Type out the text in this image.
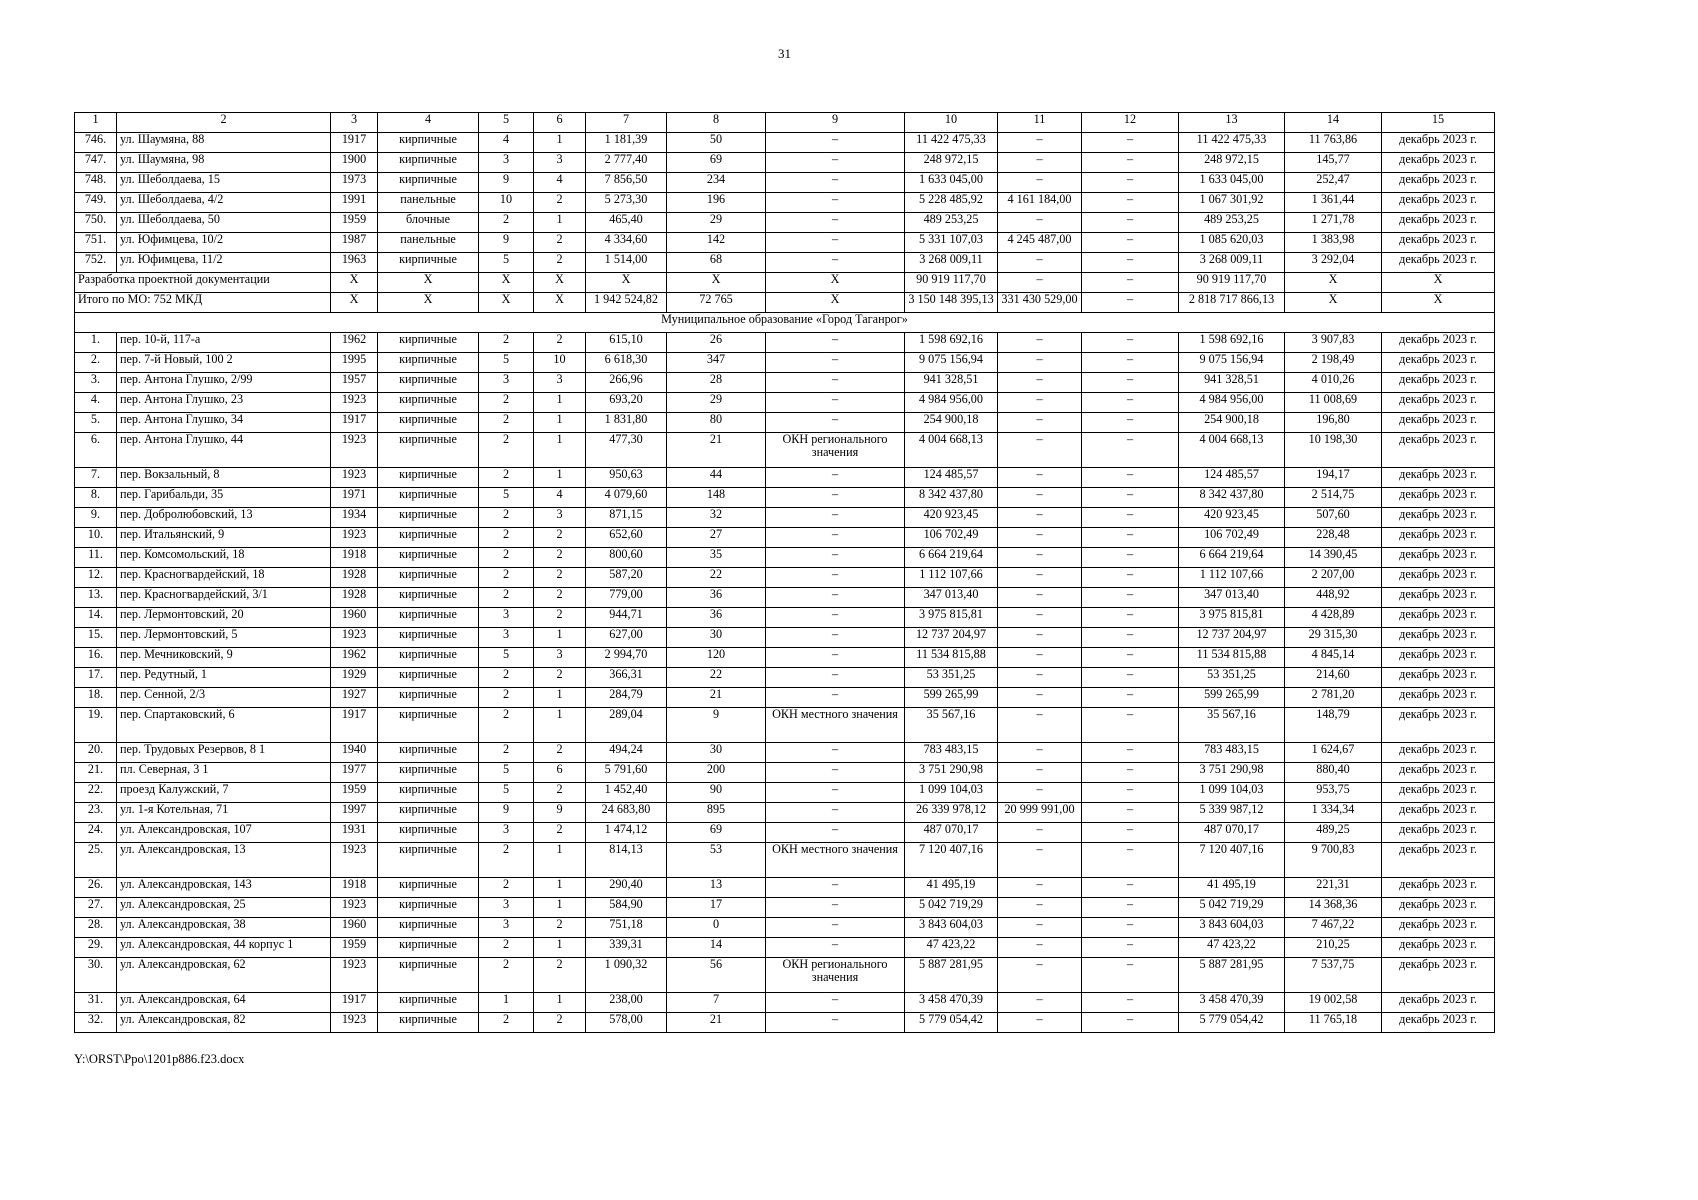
31
1	2	3	4	5	6	7	8	9	10	11	12	13	14	15
746.	ул. Шаумяна, 88	1917	кирпичные	4	1	1 181,39	50	–	11 422 475,33	–	–	11 422 475,33	11 763,86	декабрь 2023 г.
747.	ул. Шаумяна, 98	1900	кирпичные	3	3	2 777,40	69	–	248 972,15	–	–	248 972,15	145,77	декабрь 2023 г.
748.	ул. Шеболдаева, 15	1973	кирпичные	9	4	7 856,50	234	–	1 633 045,00	–	–	1 633 045,00	252,47	декабрь 2023 г.
749.	ул. Шеболдаева, 4/2	1991	панельные	10	2	5 273,30	196	–	5 228 485,92	4 161 184,00	–	1 067 301,92	1 361,44	декабрь 2023 г.
750.	ул. Шеболдаева, 50	1959	блочные	2	1	465,40	29	–	489 253,25	–	–	489 253,25	1 271,78	декабрь 2023 г.
751.	ул. Юфимцева, 10/2	1987	панельные	9	2	4 334,60	142	–	5 331 107,03	4 245 487,00	–	1 085 620,03	1 383,98	декабрь 2023 г.
752.	ул. Юфимцева, 11/2	1963	кирпичные	5	2	1 514,00	68	–	3 268 009,11	–	–	3 268 009,11	3 292,04	декабрь 2023 г.
Разработка проектной документации		X	X	X	X	X	X	X	90 919 117,70	–	–	90 919 117,70	X	X
Итого по МО: 752 МКД		X	X	X	X	1 942 524,82	72 765	X	3 150 148 395,13	331 430 529,00	–	2 818 717 866,13	X	X
Муниципальное образование «Город Таганрог»														
1.	пер. 10-й, 117-а	1962	кирпичные	2	2	615,10	26	–	1 598 692,16	–	–	1 598 692,16	3 907,83	декабрь 2023 г.
2.	пер. 7-й Новый, 100 2	1995	кирпичные	5	10	6 618,30	347	–	9 075 156,94	–	–	9 075 156,94	2 198,49	декабрь 2023 г.
3.	пер. Антона Глушко, 2/99	1957	кирпичные	3	3	266,96	28	–	941 328,51	–	–	941 328,51	4 010,26	декабрь 2023 г.
4.	пер. Антона Глушко, 23	1923	кирпичные	2	1	693,20	29	–	4 984 956,00	–	–	4 984 956,00	11 008,69	декабрь 2023 г.
5.	пер. Антона Глушко, 34	1917	кирпичные	2	1	1 831,80	80	–	254 900,18	–	–	254 900,18	196,80	декабрь 2023 г.
6.	пер. Антона Глушко, 44	1923	кирпичные	2	1	477,30	21	ОКН регионального значения	4 004 668,13	–	–	4 004 668,13	10 198,30	декабрь 2023 г.
7.	пер. Вокзальный, 8	1923	кирпичные	2	1	950,63	44	–	124 485,57	–	–	124 485,57	194,17	декабрь 2023 г.
8.	пер. Гарибальди, 35	1971	кирпичные	5	4	4 079,60	148	–	8 342 437,80	–	–	8 342 437,80	2 514,75	декабрь 2023 г.
9.	пер. Добролюбовский, 13	1934	кирпичные	2	3	871,15	32	–	420 923,45	–	–	420 923,45	507,60	декабрь 2023 г.
10.	пер. Итальянский, 9	1923	кирпичные	2	2	652,60	27	–	106 702,49	–	–	106 702,49	228,48	декабрь 2023 г.
11.	пер. Комсомольский, 18	1918	кирпичные	2	2	800,60	35	–	6 664 219,64	–	–	6 664 219,64	14 390,45	декабрь 2023 г.
12.	пер. Красногвардейский, 18	1928	кирпичные	2	2	587,20	22	–	1 112 107,66	–	–	1 112 107,66	2 207,00	декабрь 2023 г.
13.	пер. Красногвардейский, 3/1	1928	кирпичные	2	2	779,00	36	–	347 013,40	–	–	347 013,40	448,92	декабрь 2023 г.
14.	пер. Лермонтовский, 20	1960	кирпичные	3	2	944,71	36	–	3 975 815,81	–	–	3 975 815,81	4 428,89	декабрь 2023 г.
15.	пер. Лермонтовский, 5	1923	кирпичные	3	1	627,00	30	–	12 737 204,97	–	–	12 737 204,97	29 315,30	декабрь 2023 г.
16.	пер. Мечниковский, 9	1962	кирпичные	5	3	2 994,70	120	–	11 534 815,88	–	–	11 534 815,88	4 845,14	декабрь 2023 г.
17.	пер. Редутный, 1	1929	кирпичные	2	2	366,31	22	–	53 351,25	–	–	53 351,25	214,60	декабрь 2023 г.
18.	пер. Сенной, 2/3	1927	кирпичные	2	1	284,79	21	–	599 265,99	–	–	599 265,99	2 781,20	декабрь 2023 г.
19.	пер. Спартаковский, 6	1917	кирпичные	2	1	289,04	9	ОКН местного значения	35 567,16	–	–	35 567,16	148,79	декабрь 2023 г.
20.	пер. Трудовых Резервов, 8 1	1940	кирпичные	2	2	494,24	30	–	783 483,15	–	–	783 483,15	1 624,67	декабрь 2023 г.
21.	пл. Северная, 3 1	1977	кирпичные	5	6	5 791,60	200	–	3 751 290,98	–	–	3 751 290,98	880,40	декабрь 2023 г.
22.	проезд Калужский, 7	1959	кирпичные	5	2	1 452,40	90	–	1 099 104,03	–	–	1 099 104,03	953,75	декабрь 2023 г.
23.	ул. 1-я Котельная, 71	1997	кирпичные	9	9	24 683,80	895	–	26 339 978,12	20 999 991,00	–	5 339 987,12	1 334,34	декабрь 2023 г.
24.	ул. Александровская, 107	1931	кирпичные	3	2	1 474,12	69	–	487 070,17	–	–	487 070,17	489,25	декабрь 2023 г.
25.	ул. Александровская, 13	1923	кирпичные	2	1	814,13	53	ОКН местного значения	7 120 407,16	–	–	7 120 407,16	9 700,83	декабрь 2023 г.
26.	ул. Александровская, 143	1918	кирпичные	2	1	290,40	13	–	41 495,19	–	–	41 495,19	221,31	декабрь 2023 г.
27.	ул. Александровская, 25	1923	кирпичные	3	1	584,90	17	–	5 042 719,29	–	–	5 042 719,29	14 368,36	декабрь 2023 г.
28.	ул. Александровская, 38	1960	кирпичные	3	2	751,18	0	–	3 843 604,03	–	–	3 843 604,03	7 467,22	декабрь 2023 г.
29.	ул. Александровская, 44 корпус 1	1959	кирпичные	2	1	339,31	14	–	47 423,22	–	–	47 423,22	210,25	декабрь 2023 г.
30.	ул. Александровская, 62	1923	кирпичные	2	2	1 090,32	56	ОКН регионального значения	5 887 281,95	–	–	5 887 281,95	7 537,75	декабрь 2023 г.
31.	ул. Александровская, 64	1917	кирпичные	1	1	238,00	7	–	3 458 470,39	–	–	3 458 470,39	19 002,58	декабрь 2023 г.
32.	ул. Александровская, 82	1923	кирпичные	2	2	578,00	21	–	5 779 054,42	–	–	5 779 054,42	11 765,18	декабрь 2023 г.
Y:\ORST\Ppo\1201p886.f23.docx
